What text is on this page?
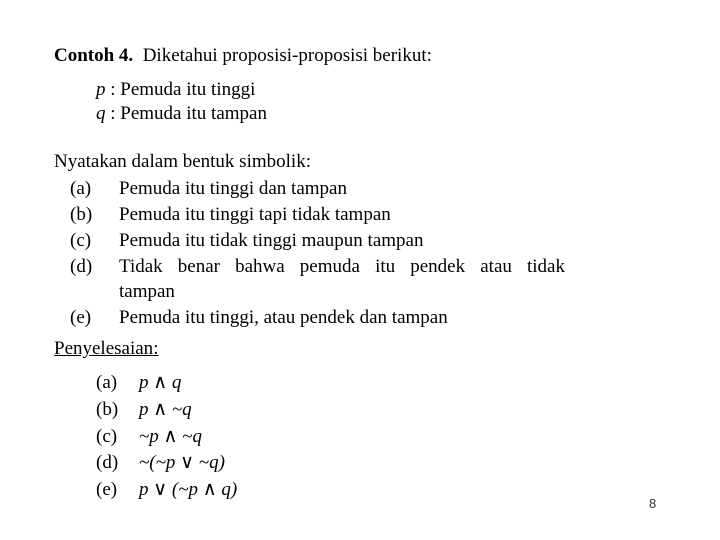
Contoh 4. Diketahui proposisi-proposisi berikut:
p : Pemuda itu tinggi
q : Pemuda itu tampan
Nyatakan dalam bentuk simbolik:
(a) Pemuda itu tinggi dan tampan
(b) Pemuda itu tinggi tapi tidak tampan
(c) Pemuda itu tidak tinggi maupun tampan
(d) Tidak benar bahwa pemuda itu pendek atau tidak
tampan
(e) Pemuda itu tinggi, atau pendek dan tampan
Penyelesaian:
(a) p ∧ q
(b) p ∧ ~q
(c) ~p ∧ ~q
(d) ~(~p ∨ ~q)
(e) p ∨ (~p ∧ q)
8
